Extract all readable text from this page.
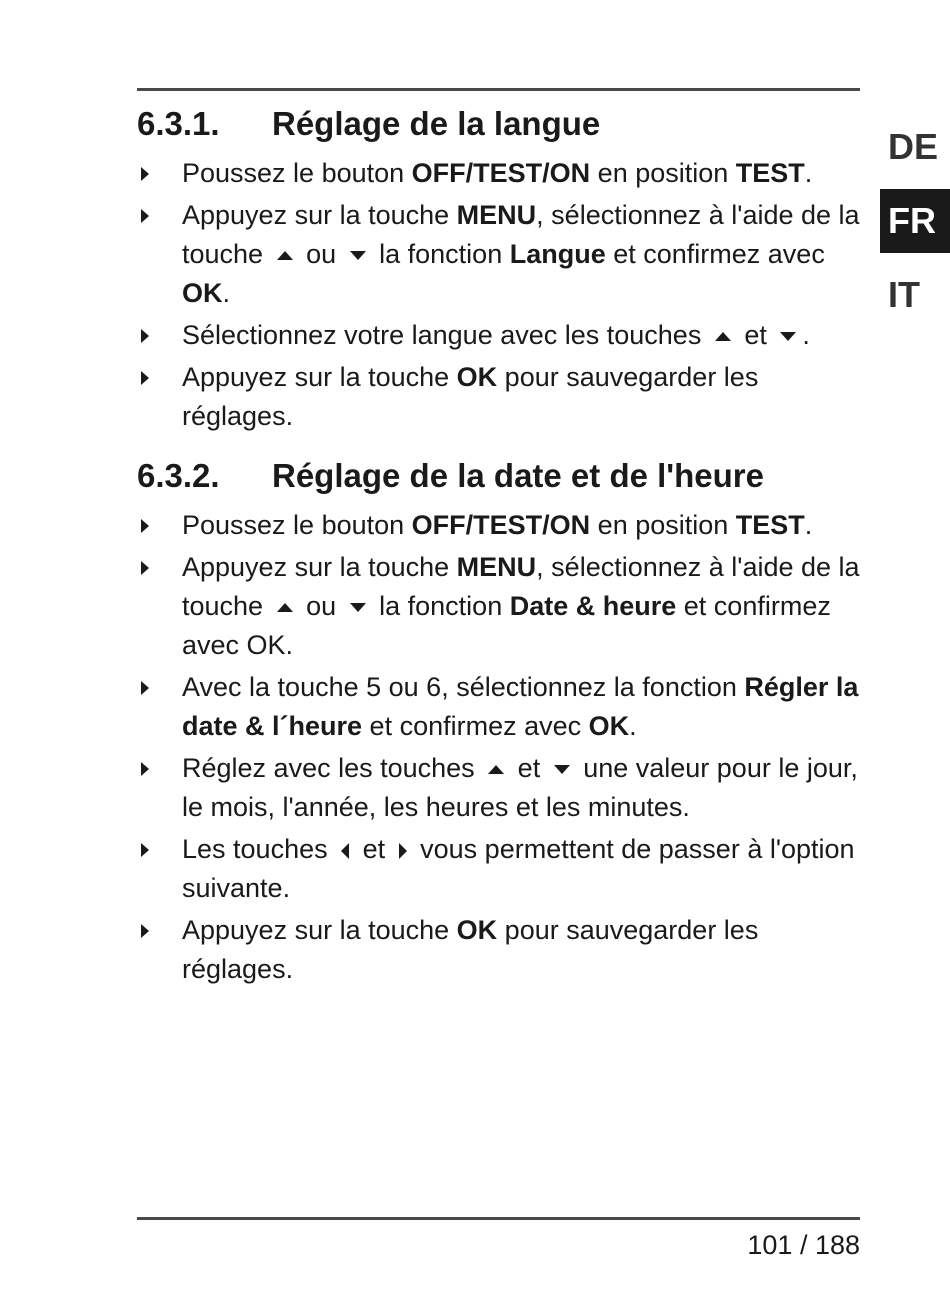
DE
FR
IT
6.3.1. Réglage de la langue
Poussez le bouton OFF/TEST/ON en position TEST.
Appuyez sur la touche MENU, sélectionnez à l'aide de la touche  ou  la fonction Langue et confirmez avec OK.
Sélectionnez votre langue avec les touches  et .
Appuyez sur la touche OK pour sauvegarder les réglages.
6.3.2. Réglage de la date et de l'heure
Poussez le bouton OFF/TEST/ON en position TEST.
Appuyez sur la touche MENU, sélectionnez à l'aide de la touche  ou  la fonction Date & heure et confirmez avec OK.
Avec la touche 5 ou 6, sélectionnez la fonction Régler la date & l´heure et confirmez avec OK.
Réglez avec les touches  et  une valeur pour le jour, le mois, l'année, les heures et les minutes.
Les touches  et  vous permettent de passer à l'option suivante.
Appuyez sur la touche OK pour sauvegarder les réglages.
101 / 188
